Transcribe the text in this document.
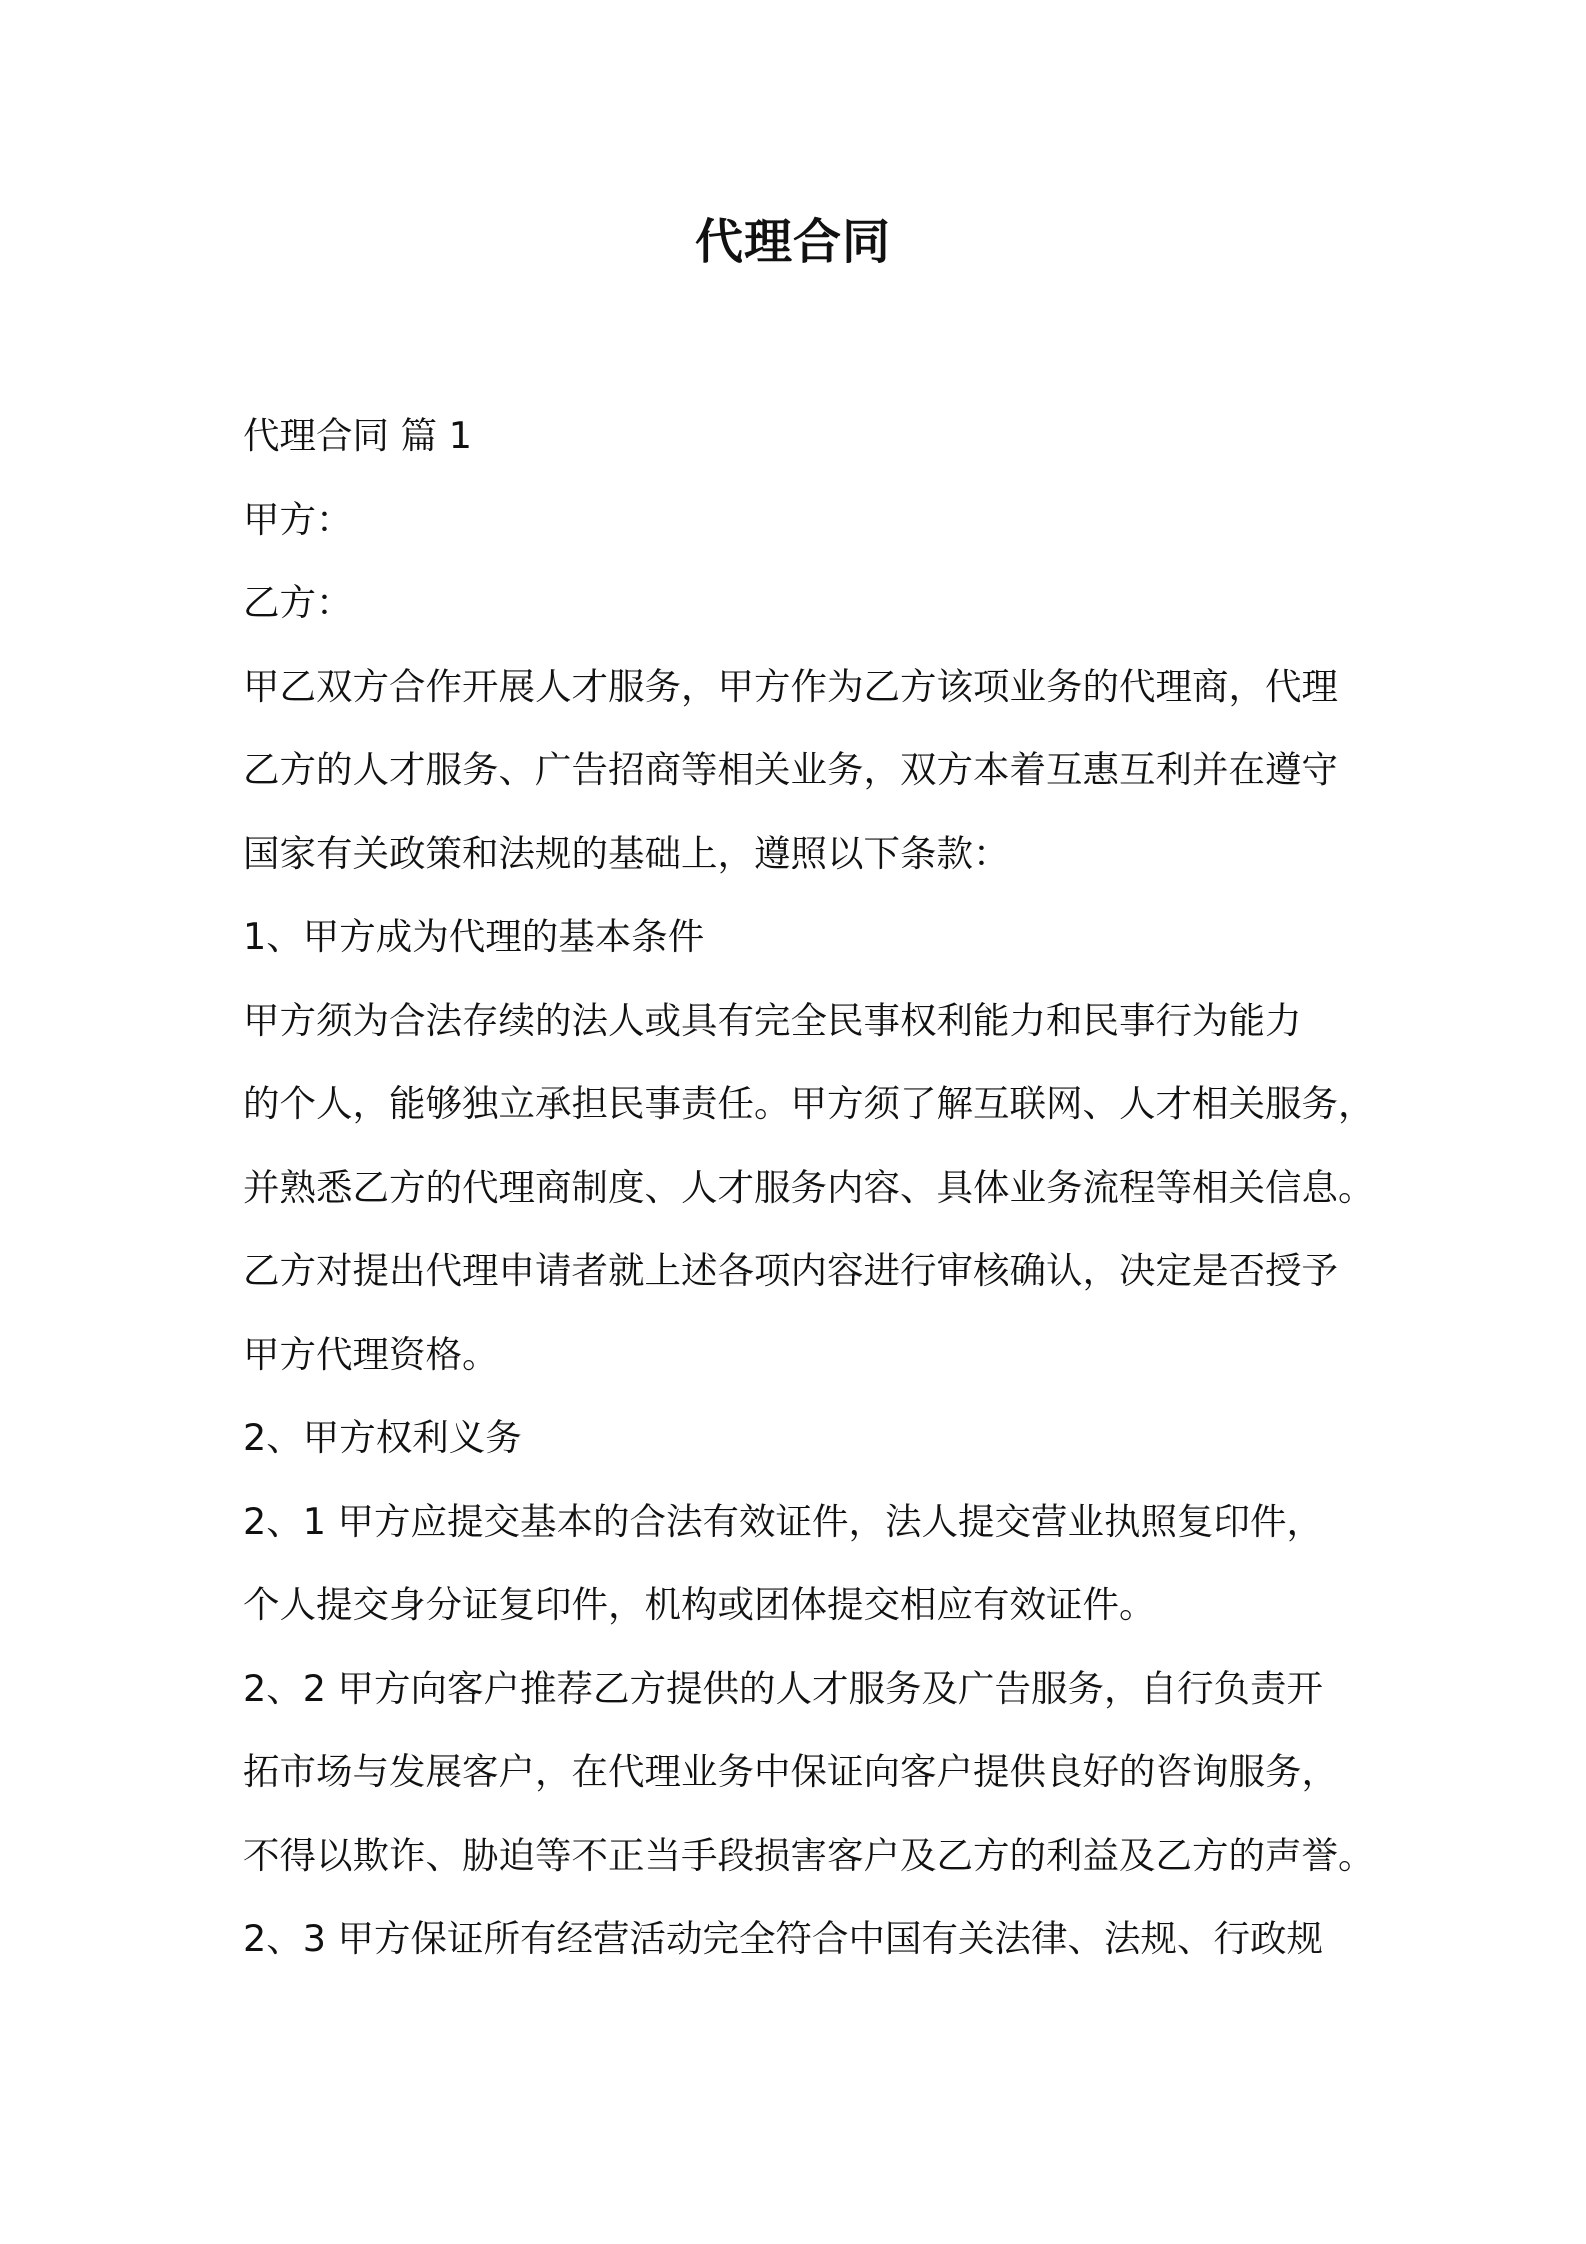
代理合同
代理合同 篇 1
甲方：
乙方：
甲乙双方合作开展人才服务，甲方作为乙方该项业务的代理商，代理
乙方的人才服务、广告招商等相关业务，双方本着互惠互利并在遵守
国家有关政策和法规的基础上，遵照以下条款：
1、甲方成为代理的基本条件
甲方须为合法存续的法人或具有完全民事权利能力和民事行为能力
的个人，能够独立承担民事责任。甲方须了解互联网、人才相关服务，
并熟悉乙方的代理商制度、人才服务内容、具体业务流程等相关信息。
乙方对提出代理申请者就上述各项内容进行审核确认，决定是否授予
甲方代理资格。
2、甲方权利义务
2、1 甲方应提交基本的合法有效证件，法人提交营业执照复印件，
个人提交身分证复印件，机构或团体提交相应有效证件。
2、2 甲方向客户推荐乙方提供的人才服务及广告服务，自行负责开
拓市场与发展客户，在代理业务中保证向客户提供良好的咨询服务，
不得以欺诈、胁迫等不正当手段损害客户及乙方的利益及乙方的声誉。
2、3 甲方保证所有经营活动完全符合中国有关法律、法规、行政规
